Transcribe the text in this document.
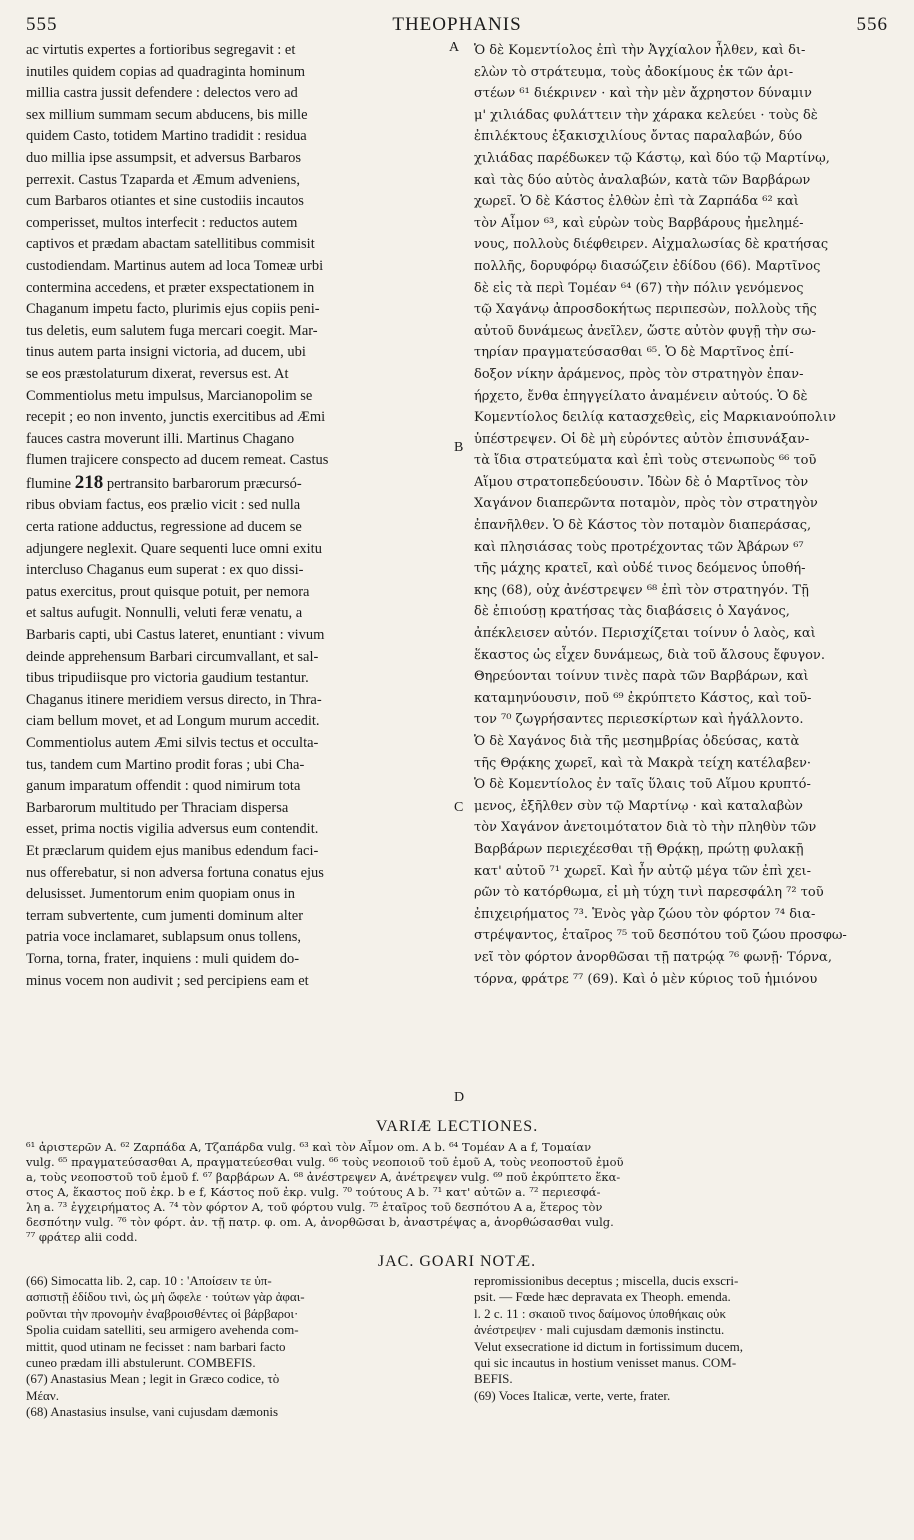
555	THEOPHANIS	556
ac virtutis expertes a fortioribus segregavit : et
inutiles quidem copias ad quadraginta hominum
millia castra jussit defendere : delectos vero ad
sex millium summam secum abducens, bis mille
quidem Casto, totidem Martino tradidit : residua
duo millia ipse assumpsit, et adversus Barbaros
perrexit. Castus Tzaparda et Æmum adveniens,
cum Barbaros otiantes et sine custodiis incautos
comperisset, multos interfecit : reductos autem
captivos et prædam abactam satellitibus commisit
custodiendam. Martinus autem ad loca Tomeæ urbi
contermina accedens, et præter exspectationem in
Chaganum impetu facto, plurimis ejus copiis peni-
tus deletis, eum salutem fuga mercari coegit. Mar-
tinus autem parta insigni victoria, ad ducem, ubi
se eos præstolaturum dixerat, reversus est. At
Commentiolus metu impulsus, Marcianopolim se
recepit ; eo non invento, junctis exercitibus ad Æmi
fauces castra moverunt illi. Martinus Chagano
flumen trajicere conspecto ad ducem remeat. Castus
flumine 218 pertransito barbarorum præcursó-
ribus obviam factus, eos prælio vicit : sed nulla
certa ratione adductus, regressione ad ducem se
adjungere neglexit. Quare sequenti luce omni exitu
intercluso Chaganus eum superat : ex quo dissi-
patus exercitus, prout quisque potuit, per nemora
et saltus aufugit. Nonnulli, veluti feræ venatu, a
Barbaris capti, ubi Castus lateret, enuntiant : vivum
deinde apprehensum Barbari circumvallant, et sal-
tibus tripudiisque pro victoria gaudium testantur.
Chaganus itinere meridiem versus directo, in Thra-
ciam bellum movet, et ad Longum murum accedit.
Commentiolus autem Æmi silvis tectus et occulta-
tus, tandem cum Martino prodit foras ; ubi Cha-
ganum imparatum offendit : quod nimirum tota
Barbarorum multitudo per Thraciam dispersa
esset, prima noctis vigilia adversus eum contendit.
Et præclarum quidem ejus manibus edendum faci-
nus offerebatur, si non adversa fortuna conatus ejus
delusisset. Jumentorum enim quopiam onus in
terram subvertente, cum jumenti dominum alter
patria voce inclamaret, sublapsum onus tollens,
Torna, torna, frater, inquiens : muli quidem do-
minus vocem non audivit ; sed percipiens eam et
Ὁ δὲ Κομεντίολος ἐπὶ τὴν Ἀγχίαλον ἦλθεν, καὶ δι-
ελὼν τὸ στράτευμα, τοὺς ἀδοκίμους ἐκ τῶν ἀρι-
στέων ⁶¹ διέκρινεν · καὶ τὴν μὲν ἄχρηστον δύναμιν
μ' χιλιάδας φυλάττειν τὴν χάρακα κελεύει · τοὺς δὲ
ἐπιλέκτους ἑξακισχιλίους ὄντας παραλαβών, δύο
χιλιάδας παρέδωκεν τῷ Κάστῳ, καὶ δύο τῷ Μαρτίνῳ,
καὶ τὰς δύο αὐτὸς ἀναλαβών, κατὰ τῶν Βαρβάρων
χωρεῖ. Ὁ δὲ Κάστος ἐλθὼν ἐπὶ τὰ Ζαρπάδα ⁶² καὶ
τὸν Αἶμον ⁶³, καὶ εὑρὼν τοὺς Βαρβάρους ἠμελημέ-
νους, πολλοὺς διέφθειρεν. Αἰχμαλωσίας δὲ κρατήσας
πολλῆς, δορυφόρῳ διασώζειν ἐδίδου (66). Μαρτῖνος
δὲ εἰς τὰ περὶ Τομέαν ⁶⁴ (67) τὴν πόλιν γενόμενος
τῷ Χαγάνῳ ἀπροσδοκήτως περιπεσὼν, πολλοὺς τῆς
αὐτοῦ δυνάμεως ἀνεῖλεν, ὥστε αὐτὸν φυγῇ τὴν σω-
τηρίαν πραγματεύσασθαι ⁶⁵. Ὁ δὲ Μαρτῖνος ἐπί-
δοξον νίκην ἀράμενος, πρὸς τὸν στρατηγὸν ἐπαν-
ήρχετο, ἔνθα ἐπηγγείλατο ἀναμένειν αὐτούς. Ὁ δὲ
Κομεντίολος δειλίᾳ κατασχεθεὶς, εἰς Μαρκιανούπολιν
ὑπέστρεψεν. Οἱ δὲ μὴ εὑρόντες αὐτὸν ἐπισυνάξαν-
τὰ ἴδια στρατεύματα καὶ ἐπὶ τοὺς στενωποὺς ⁶⁶ τοῦ
Αἵμου στρατοπεδεύουσιν. Ἰδὼν δὲ ὁ Μαρτῖνος τὸν
Χαγάνον διαπερῶντα ποταμὸν, πρὸς τὸν στρατηγὸν
ἐπανῆλθεν. Ὁ δὲ Κάστος τὸν ποταμὸν διαπεράσας,
καὶ πλησιάσας τοὺς προτρέχοντας τῶν Ἀβάρων ⁶⁷
τῆς μάχης κρατεῖ, καὶ οὐδέ τινος δεόμενος ὑποθή-
κης (68), οὐχ ἀνέστρεψεν ⁶⁸ ἐπὶ τὸν στρατηγόν. Τῇ
δὲ ἐπιούσῃ κρατήσας τὰς διαβάσεις ὁ Χαγάνος,
ἀπέκλεισεν αὐτόν. Περισχίζεται τοίνυν ὁ λαὸς, καὶ
ἕκαστος ὡς εἶχεν δυνάμεως, διὰ τοῦ ἄλσους ἔφυγον.
Θηρεύονται τοίνυν τινὲς παρὰ τῶν Βαρβάρων, καὶ
καταμηνύουσιν, ποῦ ⁶⁹ ἐκρύπτετο Κάστος, καὶ τοῦ-
τον ⁷⁰ ζωγρήσαντες περιεσκίρτων καὶ ἠγάλλοντο.
Ὁ δὲ Χαγάνος διὰ τῆς μεσημβρίας ὁδεύσας, κατὰ
τῆς Θρᾴκης χωρεῖ, καὶ τὰ Μακρὰ τείχη κατέλαβεν·
Ὁ δὲ Κομεντίολος ἐν ταῖς ὕλαις τοῦ Αἵμου κρυπτό-
μενος, ἐξῆλθεν σὺν τῷ Μαρτίνῳ · καὶ καταλαβὼν
τὸν Χαγάνον ἀνετοιμότατον διὰ τὸ τὴν πληθὺν τῶν
Βαρβάρων περιεχέεσθαι τῇ Θρᾴκῃ, πρώτῃ φυλακῇ
κατ' αὐτοῦ ⁷¹ χωρεῖ. Καὶ ἦν αὐτῷ μέγα τῶν ἐπὶ χει-
ρῶν τὸ κατόρθωμα, εἰ μὴ τύχη τινὶ παρεσφάλη ⁷² τοῦ
ἐπιχειρήματος ⁷³. Ἑνὸς γὰρ ζώου τὸν φόρτον ⁷⁴ δια-
στρέψαντος, ἑταῖρος ⁷⁵ τοῦ δεσπότου τοῦ ζώου προσφω-
νεῖ τὸν φόρτον ἀνορθῶσαι τῇ πατρῴᾳ ⁷⁶ φωνῇ· Τόρνα,
τόρνα, φράτρε ⁷⁷ (69). Καὶ ὁ μὲν κύριος τοῦ ἡμιόνου
A
B
C
D
VARIÆ LECTIONES.
⁶¹ ἀριστερῶν A. ⁶² Ζαρπάδα A, Τζαπάρδα vulg. ⁶³ καὶ τὸν Αἶμον om. A b. ⁶⁴ Τομέαν A a f, Τομαίαν
vulg. ⁶⁵ πραγματεύσασθαι A, πραγματεύεσθαι vulg. ⁶⁶ τοὺς νεοποιοῦ τοῦ ἐμοῦ A, τοὺς νεοποστοῦ ἐμοῦ
a, τοὺς νεοποστοῦ τοῦ ἐμοῦ f. ⁶⁷ βαρβάρων A. ⁶⁸ ἀνέστρεψεν A, ἀνέτρεψεν vulg. ⁶⁹ ποῦ ἐκρύπτετο ἕκα-
στος A, ἕκαστος ποῦ ἐκρ. b e f, Κάστος ποῦ ἐκρ. vulg. ⁷⁰ τούτους A b. ⁷¹ κατ' αὐτῶν a. ⁷² περιεσφά-
λη a. ⁷³ ἐγχειρήματος A. ⁷⁴ τὸν φόρτον A, τοῦ φόρτου vulg. ⁷⁵ ἑταῖρος τοῦ δεσπότου A a, ἕτερος τὸν
δεσπότην vulg. ⁷⁶ τὸν φόρτ. ἀν. τῇ πατρ. φ. om. A, ἀνορθῶσαι b, ἀναστρέψας a, ἀνορθώσασθαι vulg.
⁷⁷ φράτερ alii codd.
JAC. GOARI NOTÆ.
(66) Simocatta lib. 2, cap. 10 : 'Αποίσειν τε ὑπ-
ασπιστῇ ἐδίδου τινὶ, ὡς μὴ ὤφελε · τούτων γὰρ ἀφαι-
ροῦνται τὴν προνομὴν ἐναβροισθέντες οἱ βάρβαροι·
Spolia cuidam satelliti, seu armigero avehenda com-
mittit, quod utinam ne fecisset : nam barbari facto
cuneo prædam illi abstulerunt. COMBEFIS.
(67) Anastasius Mean ; legit in Græco codice, τὸ
Μέαν.
(68) Anastasius insulse, vani cujusdam dæmonis
repromissionibus deceptus ; miscella, ducis exscri-
psit. — Fœde hæc depravata ex Theoph. emenda.
l. 2 c. 11 : σκαιοῦ τινος δαίμονος ὑποθήκαις οὐκ
ἀνέστρεψεν · mali cujusdam dæmonis instinctu.
Velut exsecratione id dictum in fortissimum ducem,
qui sic incautus in hostium venisset manus. COM-
BEFIS.
(69) Voces Italicæ, verte, verte, frater.
